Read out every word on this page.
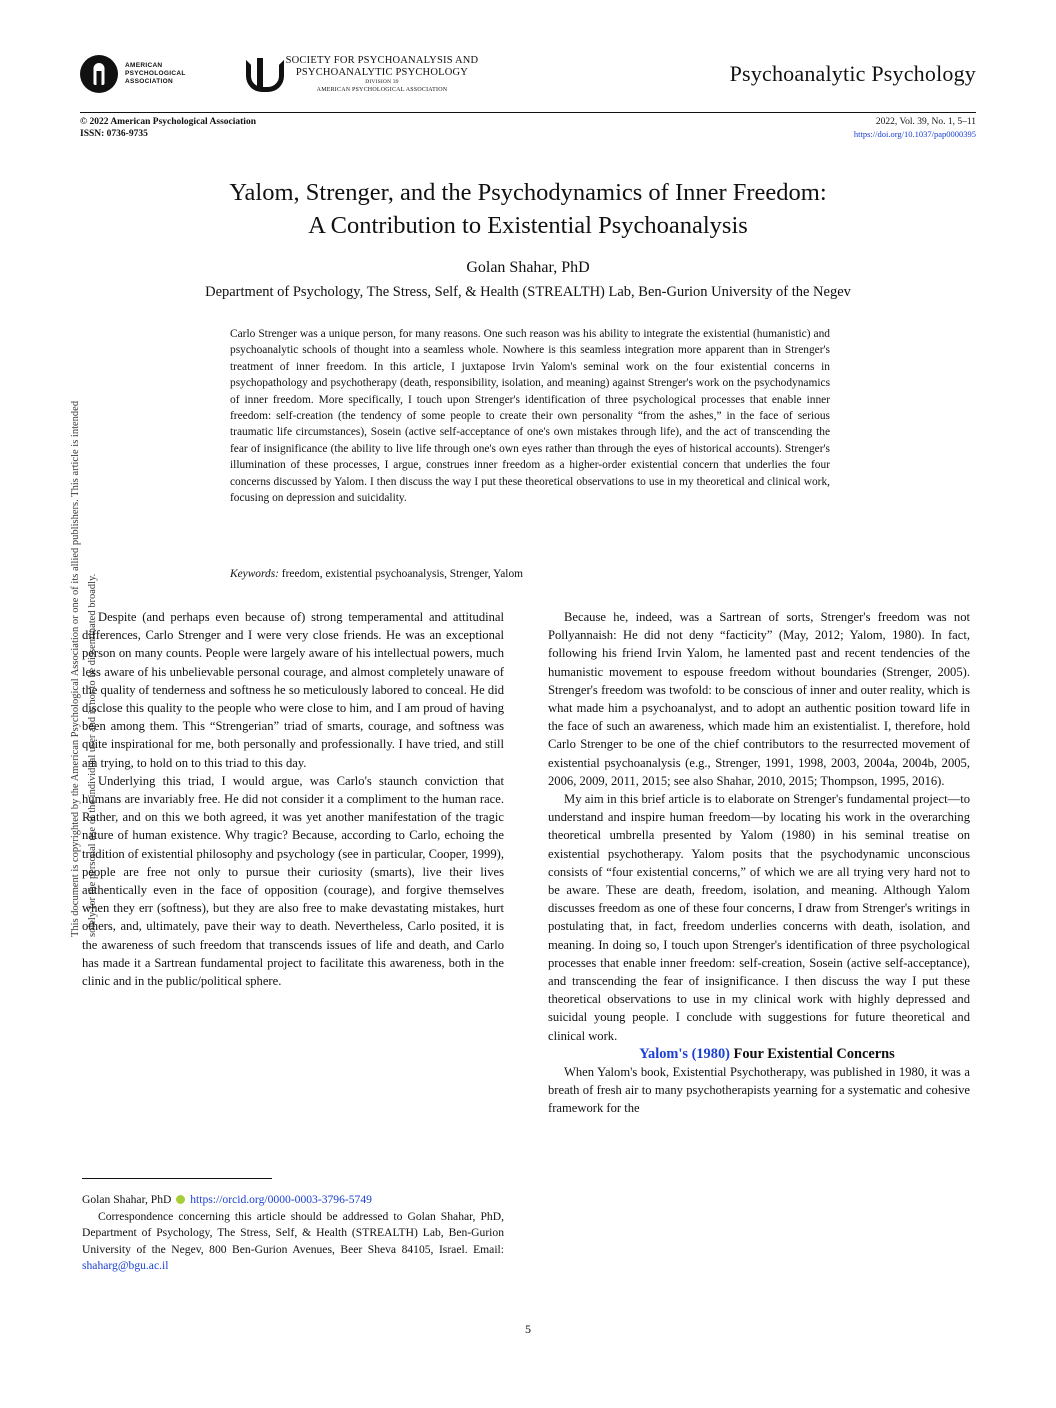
AMERICAN
PSYCHOLOGICAL
ASSOCIATION
SOCIETY FOR PSYCHOANALYSIS AND
PSYCHOANALYTIC PSYCHOLOGY
DIVISION 39
AMERICAN PSYCHOLOGICAL ASSOCIATION
Psychoanalytic Psychology
© 2022 American Psychological Association
ISSN: 0736-9735
2022, Vol. 39, No. 1, 5–11
https://doi.org/10.1037/pap0000395
Yalom, Strenger, and the Psychodynamics of Inner Freedom:
A Contribution to Existential Psychoanalysis
Golan Shahar, PhD
Department of Psychology, The Stress, Self, & Health (STREALTH) Lab, Ben-Gurion University of the Negev
Carlo Strenger was a unique person, for many reasons. One such reason was his ability to integrate the existential (humanistic) and psychoanalytic schools of thought into a seamless whole. Nowhere is this seamless integration more apparent than in Strenger's treatment of inner freedom. In this article, I juxtapose Irvin Yalom's seminal work on the four existential concerns in psychopathology and psychotherapy (death, responsibility, isolation, and meaning) against Strenger's work on the psychodynamics of inner freedom. More specifically, I touch upon Strenger's identification of three psychological processes that enable inner freedom: self-creation (the tendency of some people to create their own personality “from the ashes,” in the face of serious traumatic life circumstances), Sosein (active self-acceptance of one's own mistakes through life), and the act of transcending the fear of insignificance (the ability to live life through one's own eyes rather than through the eyes of historical accounts). Strenger's illumination of these processes, I argue, construes inner freedom as a higher-order existential concern that underlies the four concerns discussed by Yalom. I then discuss the way I put these theoretical observations to use in my theoretical and clinical work, focusing on depression and suicidality.
Keywords: freedom, existential psychoanalysis, Strenger, Yalom
This document is copyrighted by the American Psychological Association or one of its allied publishers. This article is intended solely for the personal use of the individual user and is not to be disseminated broadly. Despite (and perhaps even because of) strong temperamental and attitudinal differences, Carlo Strenger and I were very close friends. He was an exceptional person on many counts. People were largely aware of his intellectual powers, much less aware of his unbelievable personal courage, and almost completely unaware of the quality of tenderness and softness he so meticulously labored to conceal. He did disclose this quality to the people who were close to him, and I am proud of having been among them. This “Strengerian” triad of smarts, courage, and softness was quite inspirational for me, both personally and professionally. I have tried, and still am trying, to hold on to this triad to this day.

Underlying this triad, I would argue, was Carlo's staunch conviction that humans are invariably free. He did not consider it a compliment to the human race. Rather, and on this we both agreed, it was yet another manifestation of the tragic nature of human existence. Why tragic? Because, according to Carlo, echoing the tradition of existential philosophy and psychology (see in particular, Cooper, 1999), people are free not only to pursue their curiosity (smarts), live their lives authentically even in the face of opposition (courage), and forgive themselves when they err (softness), but they are also free to make devastating mistakes, hurt others, and, ultimately, pave their way to death. Nevertheless, Carlo posited, it is the awareness of such freedom that transcends issues of life and death, and Carlo has made it a Sartrean fundamental project to facilitate this awareness, both in the clinic and in the public/political sphere.

Because he, indeed, was a Sartrean of sorts, Strenger's freedom was not Pollyannaish: He did not deny “facticity” (May, 2012; Yalom, 1980). In fact, following his friend Irvin Yalom, he lamented past and recent tendencies of the humanistic movement to espouse freedom without boundaries (Strenger, 2005). Strenger's freedom was twofold: to be conscious of inner and outer reality, which is what made him a psychoanalyst, and to adopt an authentic position toward life in the face of such an awareness, which made him an existentialist. I, therefore, hold Carlo Strenger to be one of the chief contributors to the resurrected movement of existential psychoanalysis (e.g., Strenger, 1991, 1998, 2003, 2004a, 2004b, 2005, 2006, 2009, 2011, 2015; see also Shahar, 2010, 2015; Thompson, 1995, 2016).

My aim in this brief article is to elaborate on Strenger's fundamental project—to understand and inspire human freedom—by locating his work in the overarching theoretical umbrella presented by Yalom (1980) in his seminal treatise on existential psychotherapy. Yalom posits that the psychodynamic unconscious consists of “four existential concerns,” of which we are all trying very hard not to be aware. These are death, freedom, isolation, and meaning. Although Yalom discusses freedom as one of these four concerns, I draw from Strenger's writings in postulating that, in fact, freedom underlies concerns with death, isolation, and meaning. In doing so, I touch upon Strenger's identification of three psychological processes that enable inner freedom: self-creation, Sosein (active self-acceptance), and transcending the fear of insignificance. I then discuss the way I put these theoretical observations to use in my clinical work with highly depressed and suicidal young people. I conclude with suggestions for future theoretical and clinical work.

Yalom's (1980) Four Existential Concerns

When Yalom's book, Existential Psychotherapy, was published in 1980, it was a breath of fresh air to many psychotherapists yearning for a systematic and cohesive framework for the

Golan Shahar, PhD https://orcid.org/0000-0003-3796-5749

Correspondence concerning this article should be addressed to Golan Shahar, PhD, Department of Psychology, The Stress, Self, & Health (STREALTH) Lab, Ben-Gurion University of the Negev, 800 Ben-Gurion Avenues, Beer Sheva 84105, Israel. Email: shaharg@bgu.ac.il

5
